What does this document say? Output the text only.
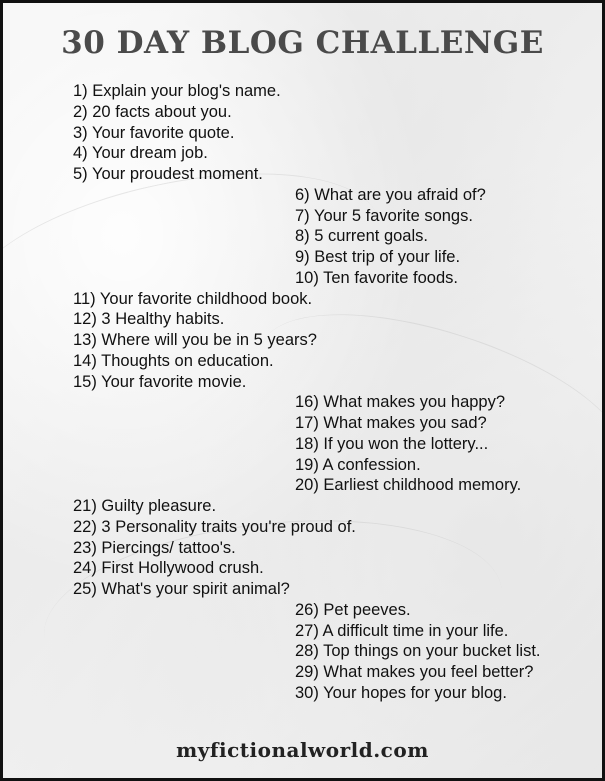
30 DAY BLOG CHALLENGE
1) Explain your blog's name.
2) 20 facts about you.
3) Your favorite quote.
4) Your dream job.
5) Your proudest moment.
6) What are you afraid of?
7) Your 5 favorite songs.
8) 5 current goals.
9) Best trip of your life.
10) Ten favorite foods.
11) Your favorite childhood book.
12) 3 Healthy habits.
13) Where will you be in 5 years?
14) Thoughts on education.
15) Your favorite movie.
16) What makes you happy?
17) What makes you sad?
18) If you won the lottery...
19) A confession.
20) Earliest childhood memory.
21) Guilty pleasure.
22) 3 Personality traits you're proud of.
23) Piercings/ tattoo's.
24) First Hollywood crush.
25) What's your spirit animal?
26) Pet peeves.
27) A difficult time in your life.
28) Top things on your bucket list.
29) What makes you feel better?
30) Your hopes for your blog.
myfictionalworld.com
